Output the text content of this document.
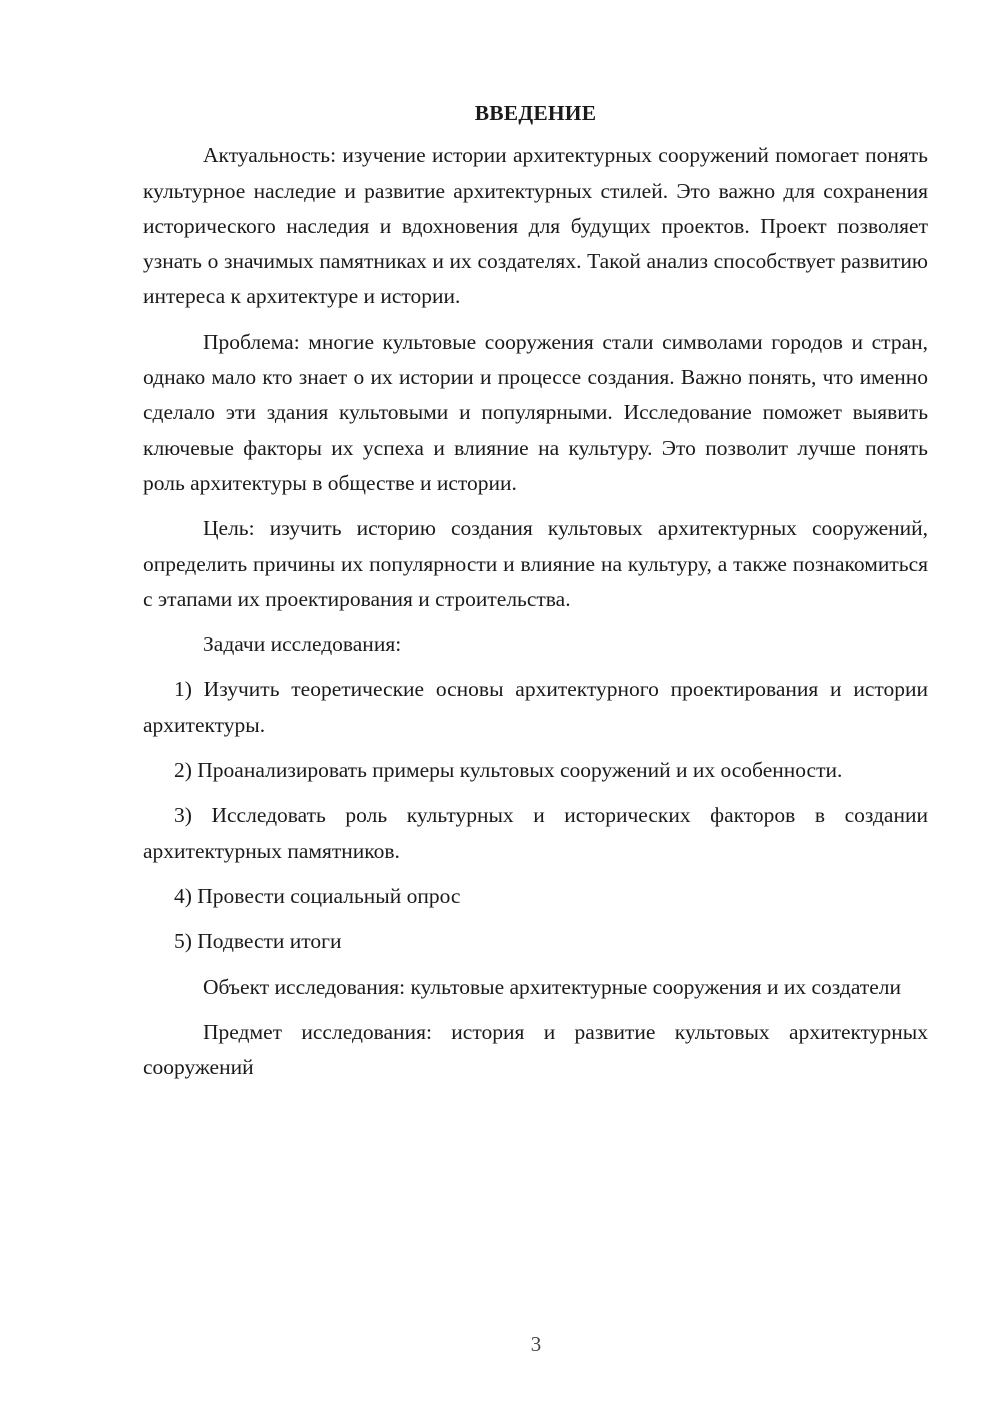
ВВЕДЕНИЕ

Актуальность: изучение истории архитектурных сооружений помогает понять культурное наследие и развитие архитектурных стилей. Это важно для сохранения исторического наследия и вдохновения для будущих проектов. Проект позволяет узнать о значимых памятниках и их создателях. Такой анализ способствует развитию интереса к архитектуре и истории.

Проблема: многие культовые сооружения стали символами городов и стран, однако мало кто знает о их истории и процессе создания. Важно понять, что именно сделало эти здания культовыми и популярными. Исследование поможет выявить ключевые факторы их успеха и влияние на культуру. Это позволит лучше понять роль архитектуры в обществе и истории.

Цель: изучить историю создания культовых архитектурных сооружений, определить причины их популярности и влияние на культуру, а также познакомиться с этапами их проектирования и строительства.

Задачи исследования:

1) Изучить теоретические основы архитектурного проектирования и истории архитектуры.

2) Проанализировать примеры культовых сооружений и их особенности.

3) Исследовать роль культурных и исторических факторов в создании архитектурных памятников.

4) Провести социальный опрос

5) Подвести итоги

Объект исследования: культовые архитектурные сооружения и их создатели

Предмет исследования: история и развитие культовых архитектурных сооружений

3
